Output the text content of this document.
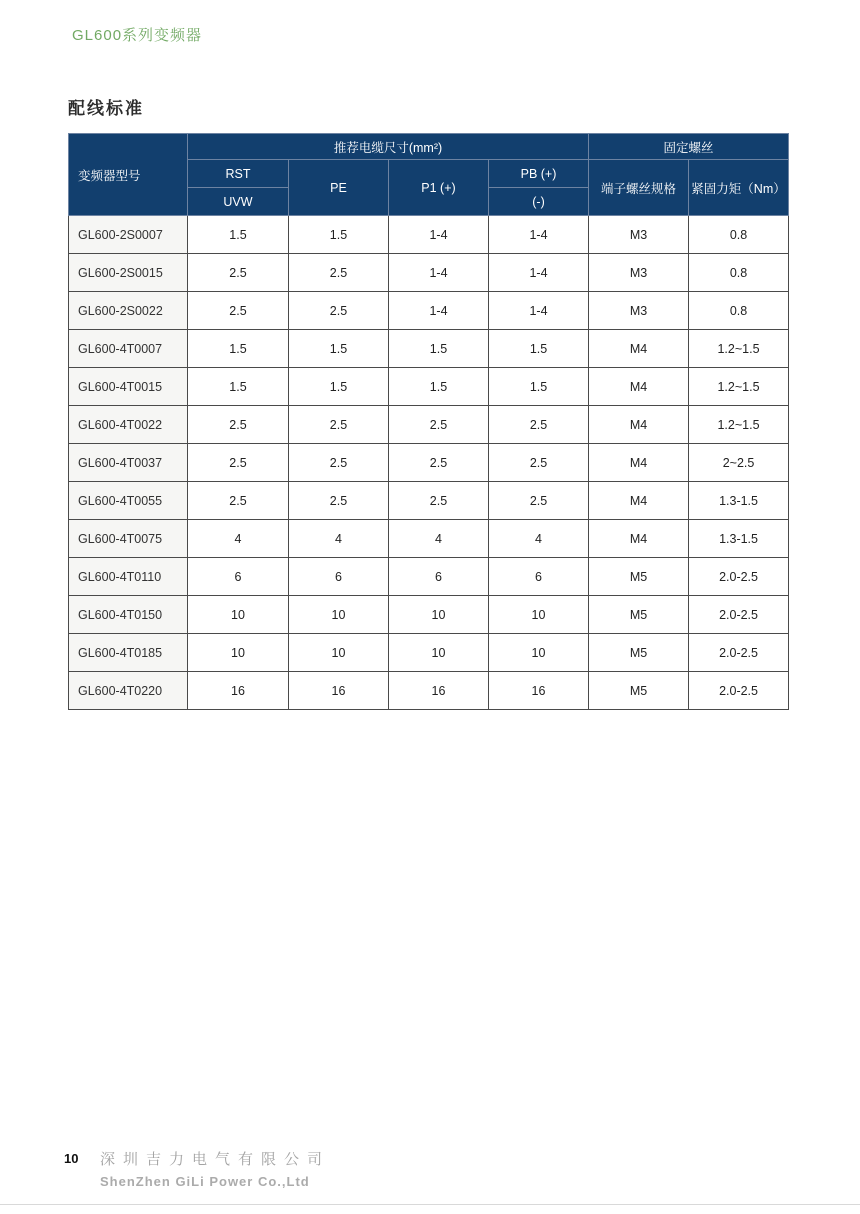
GL600系列变频器
配线标准
变频器型号	推荐电缆尺寸(mm²)				固定螺丝	
	RST	PE	P1 (+)	PB (+)	端子螺丝规格	紧固力矩（Nm）
	UVW			(-)		
GL600-2S0007	1.5	1.5	1-4	1-4	M3	0.8
GL600-2S0015	2.5	2.5	1-4	1-4	M3	0.8
GL600-2S0022	2.5	2.5	1-4	1-4	M3	0.8
GL600-4T0007	1.5	1.5	1.5	1.5	M4	1.2~1.5
GL600-4T0015	1.5	1.5	1.5	1.5	M4	1.2~1.5
GL600-4T0022	2.5	2.5	2.5	2.5	M4	1.2~1.5
GL600-4T0037	2.5	2.5	2.5	2.5	M4	2~2.5
GL600-4T0055	2.5	2.5	2.5	2.5	M4	1.3-1.5
GL600-4T0075	4	4	4	4	M4	1.3-1.5
GL600-4T0110	6	6	6	6	M5	2.0-2.5
GL600-4T0150	10	10	10	10	M5	2.0-2.5
GL600-4T0185	10	10	10	10	M5	2.0-2.5
GL600-4T0220	16	16	16	16	M5	2.0-2.5
10 深圳吉力电气有限公司
ShenZhen GiLi Power Co.,Ltd
